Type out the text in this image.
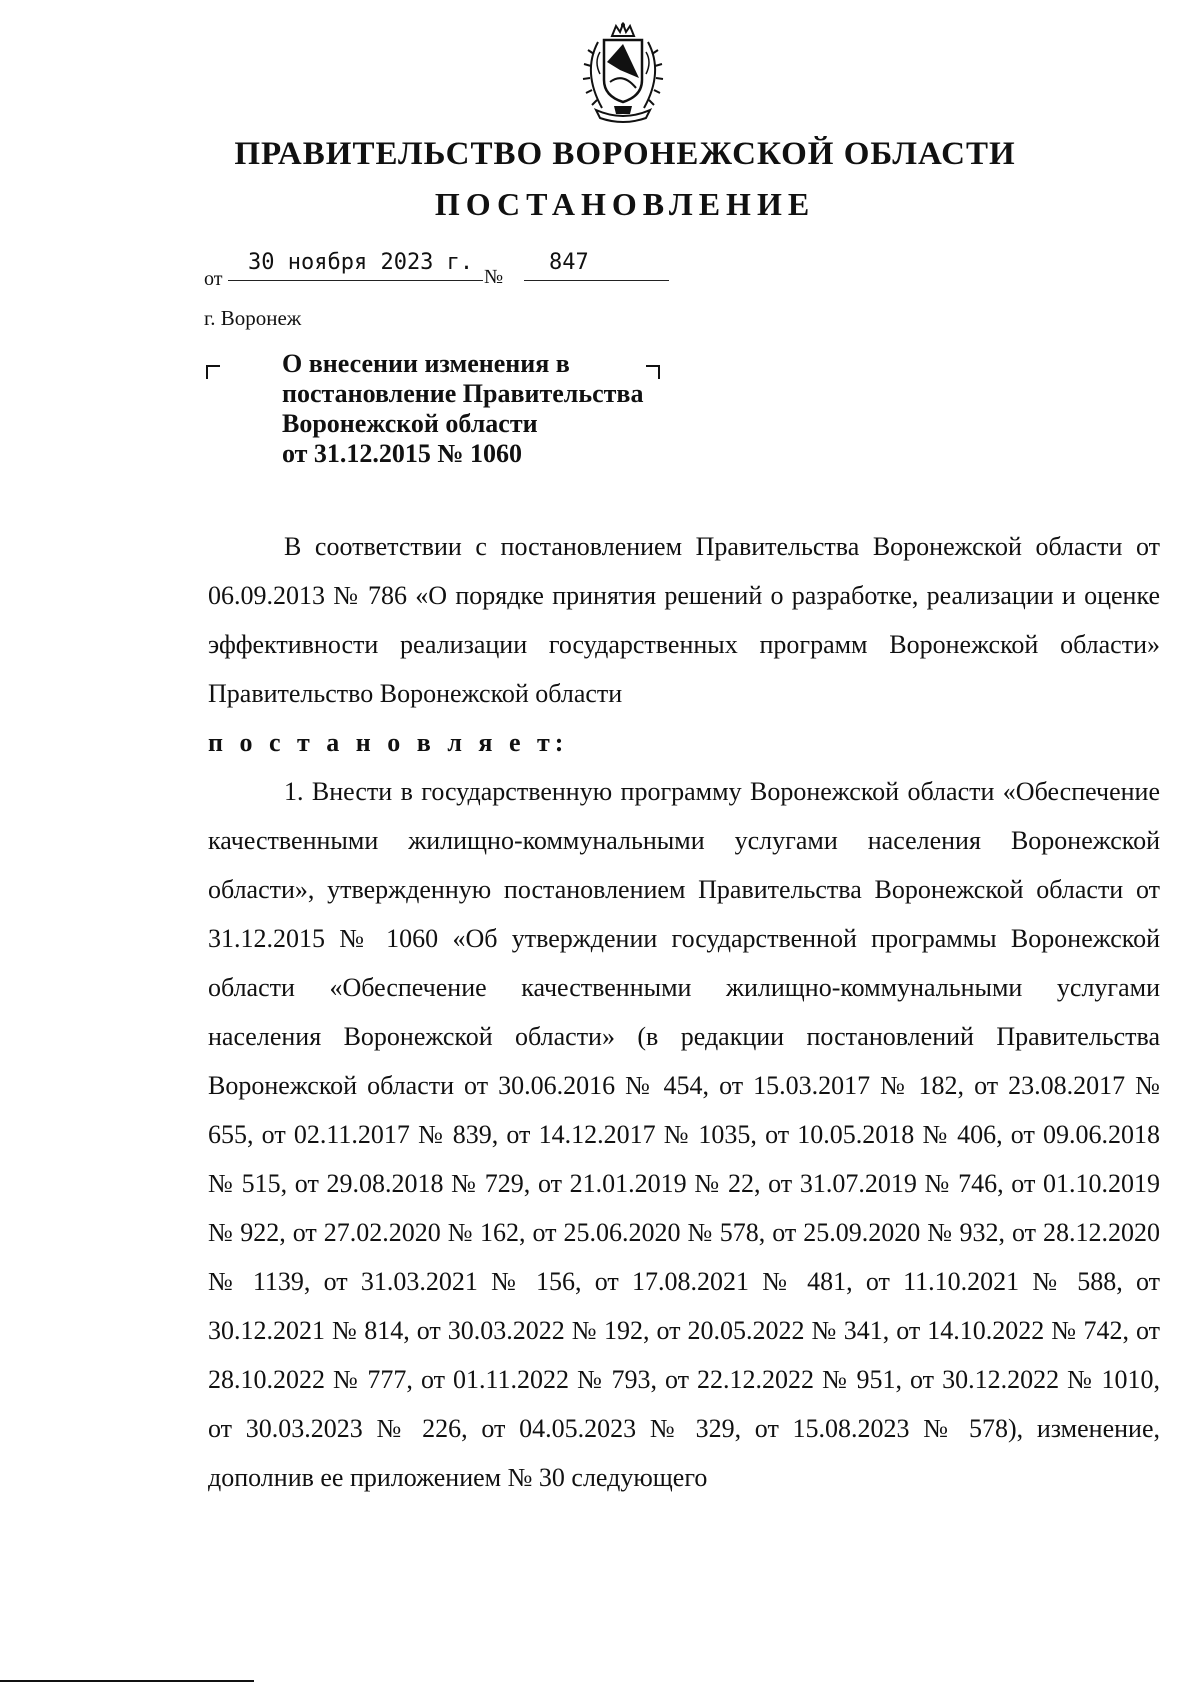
ПРАВИТЕЛЬСТВО ВОРОНЕЖСКОЙ ОБЛАСТИ
ПОСТАНОВЛЕНИЕ
от
30 ноября 2023 г.
№
847
г. Воронеж
О внесении изменения в
постановление Правительства
Воронежской области
от 31.12.2015 № 1060
В соответствии с постановлением Правительства Воронежской области от 06.09.2013 № 786 «О порядке принятия решений о разработке, реализации и оценке эффективности реализации государственных программ Воронежской области» Правительство Воронежской области
п о с т а н о в л я е т:
1. Внести в государственную программу Воронежской области «Обеспечение качественными жилищно-коммунальными услугами населения Воронежской области», утвержденную постановлением Правительства Воронежской области от 31.12.2015 № 1060 «Об утверждении государственной программы Воронежской области «Обеспечение качественными жилищно-коммунальными услугами населения Воронежской области» (в редакции постановлений Правительства Воронежской области от 30.06.2016 № 454, от 15.03.2017 № 182, от 23.08.2017 № 655, от 02.11.2017 № 839, от 14.12.2017 № 1035, от 10.05.2018 № 406, от 09.06.2018 № 515, от 29.08.2018 № 729, от 21.01.2019 № 22, от 31.07.2019 № 746, от 01.10.2019 № 922, от 27.02.2020 № 162, от 25.06.2020 № 578, от 25.09.2020 № 932, от 28.12.2020 № 1139, от 31.03.2021 № 156, от 17.08.2021 № 481, от 11.10.2021 № 588, от 30.12.2021 № 814, от 30.03.2022 № 192, от 20.05.2022 № 341, от 14.10.2022 № 742, от 28.10.2022 № 777, от 01.11.2022 № 793, от 22.12.2022 № 951, от 30.12.2022 № 1010, от 30.03.2023 № 226, от 04.05.2023 № 329, от 15.08.2023 № 578), изменение, дополнив ее приложением № 30 следующего
